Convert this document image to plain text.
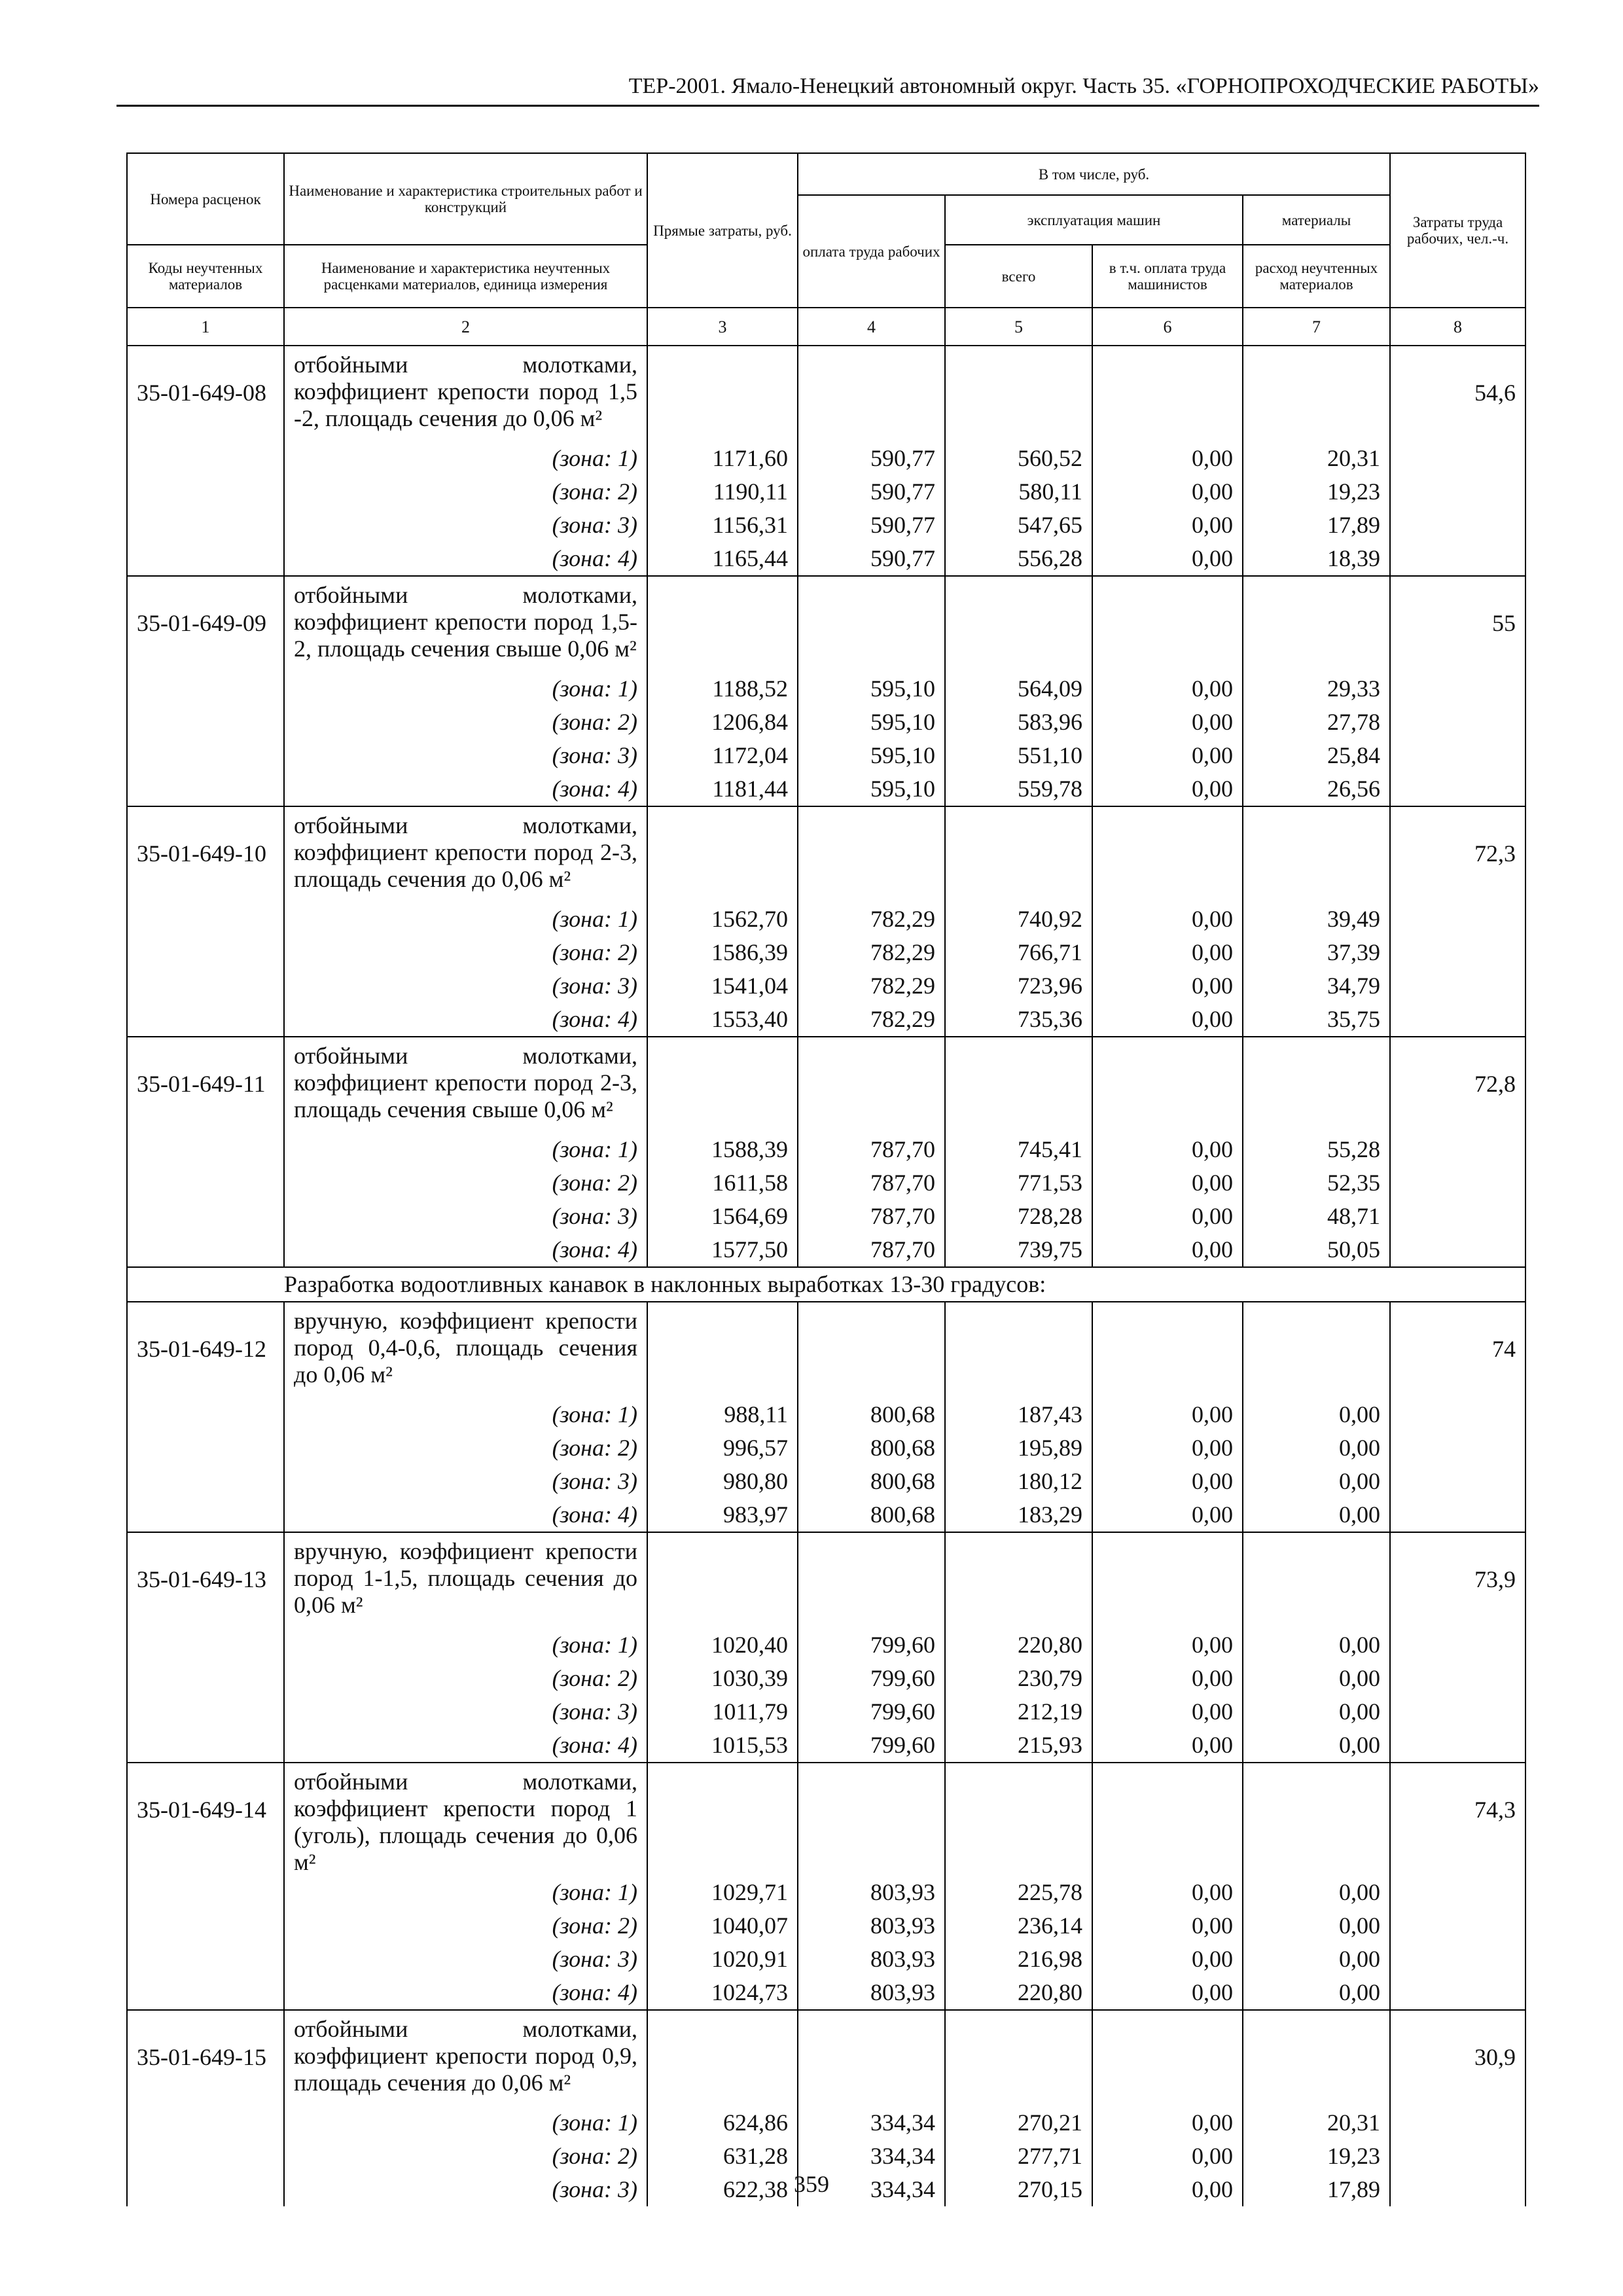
ТЕР-2001. Ямало-Ненецкий автономный округ. Часть 35. «ГОРНОПРОХОДЧЕСКИЕ РАБОТЫ»
Номера расценок	Наименование и характеристика строительных работ и конструкций	Прямые затраты, руб.	В том числе, руб.				Затраты труда рабочих, чел.-ч.
			оплата труда рабочих	эксплуатация машин		материалы	
Коды неучтенных материалов	Наименование и характеристика неучтенных расценками материалов, единица измерения			всего	в т.ч. оплата труда машинистов	расход неучтенных материалов	
1	2	3	4	5	6	7	8
35-01-649-08	отбойными молотками, коэффициент крепости пород 1,5 -2, площадь сечения до 0,06 м²						54,6
	(зона: 1)	1171,60	590,77	560,52	0,00	20,31	
	(зона: 2)	1190,11	590,77	580,11	0,00	19,23	
	(зона: 3)	1156,31	590,77	547,65	0,00	17,89	
	(зона: 4)	1165,44	590,77	556,28	0,00	18,39	
35-01-649-09	отбойными молотками, коэффициент крепости пород 1,5-2, площадь сечения свыше 0,06 м²						55
	(зона: 1)	1188,52	595,10	564,09	0,00	29,33	
	(зона: 2)	1206,84	595,10	583,96	0,00	27,78	
	(зона: 3)	1172,04	595,10	551,10	0,00	25,84	
	(зона: 4)	1181,44	595,10	559,78	0,00	26,56	
35-01-649-10	отбойными молотками, коэффициент крепости пород 2-3, площадь сечения до 0,06 м²						72,3
	(зона: 1)	1562,70	782,29	740,92	0,00	39,49	
	(зона: 2)	1586,39	782,29	766,71	0,00	37,39	
	(зона: 3)	1541,04	782,29	723,96	0,00	34,79	
	(зона: 4)	1553,40	782,29	735,36	0,00	35,75	
35-01-649-11	отбойными молотками, коэффициент крепости пород 2-3, площадь сечения свыше 0,06 м²						72,8
	(зона: 1)	1588,39	787,70	745,41	0,00	55,28	
	(зона: 2)	1611,58	787,70	771,53	0,00	52,35	
	(зона: 3)	1564,69	787,70	728,28	0,00	48,71	
	(зона: 4)	1577,50	787,70	739,75	0,00	50,05	
	Разработка водоотливных канавок в наклонных выработках 13-30 градусов:						
35-01-649-12	вручную, коэффициент крепости пород 0,4-0,6, площадь сечения до 0,06 м²						74
	(зона: 1)	988,11	800,68	187,43	0,00	0,00	
	(зона: 2)	996,57	800,68	195,89	0,00	0,00	
	(зона: 3)	980,80	800,68	180,12	0,00	0,00	
	(зона: 4)	983,97	800,68	183,29	0,00	0,00	
35-01-649-13	вручную, коэффициент крепости пород 1-1,5, площадь сечения до 0,06 м²						73,9
	(зона: 1)	1020,40	799,60	220,80	0,00	0,00	
	(зона: 2)	1030,39	799,60	230,79	0,00	0,00	
	(зона: 3)	1011,79	799,60	212,19	0,00	0,00	
	(зона: 4)	1015,53	799,60	215,93	0,00	0,00	
35-01-649-14	отбойными молотками, коэффициент крепости пород 1 (уголь), площадь сечения до 0,06 м²						74,3
	(зона: 1)	1029,71	803,93	225,78	0,00	0,00	
	(зона: 2)	1040,07	803,93	236,14	0,00	0,00	
	(зона: 3)	1020,91	803,93	216,98	0,00	0,00	
	(зона: 4)	1024,73	803,93	220,80	0,00	0,00	
35-01-649-15	отбойными молотками, коэффициент крепости пород 0,9, площадь сечения до 0,06 м²						30,9
	(зона: 1)	624,86	334,34	270,21	0,00	20,31	
	(зона: 2)	631,28	334,34	277,71	0,00	19,23	
	(зона: 3)	622,38	334,34	270,15	0,00	17,89	
359
